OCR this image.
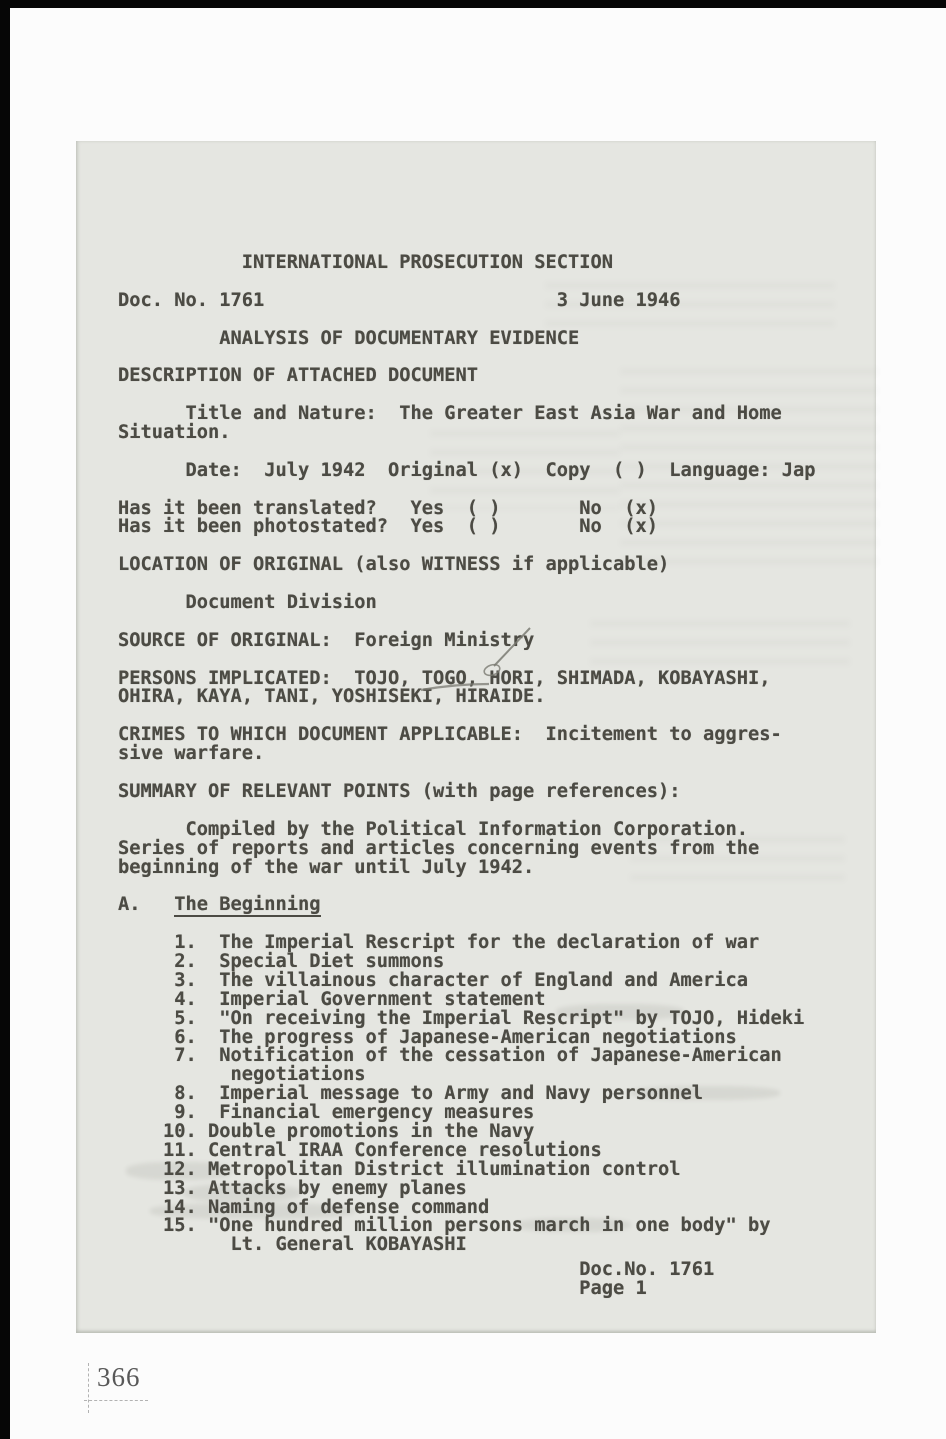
INTERNATIONAL PROSECUTION SECTION

Doc. No. 1761                          3 June 1946

ANALYSIS OF DOCUMENTARY EVIDENCE

DESCRIPTION OF ATTACHED DOCUMENT

Title and Nature:  The Greater East Asia War and Home
Situation.

Date:  July 1942  Original (x)  Copy  ( )  Language: Jap

Has it been translated?   Yes  ( )       No  (x)
Has it been photostated?  Yes  ( )       No  (x)

LOCATION OF ORIGINAL (also WITNESS if applicable)

Document Division

SOURCE OF ORIGINAL:  Foreign Ministry

PERSONS IMPLICATED:  TOJO, TOGO, HORI, SHIMADA, KOBAYASHI,
OHIRA, KAYA, TANI, YOSHISEKI, HIRAIDE.

CRIMES TO WHICH DOCUMENT APPLICABLE:  Incitement to aggres-
sive warfare.

SUMMARY OF RELEVANT POINTS (with page references):

Compiled by the Political Information Corporation.
Series of reports and articles concerning events from the
beginning of the war until July 1942.

A.   The Beginning

1.  The Imperial Rescript for the declaration of war
2.  Special Diet summons
3.  The villainous character of England and America
4.  Imperial Government statement
5.  "On receiving the Imperial Rescript" by TOJO, Hideki
6.  The progress of Japanese-American negotiations
7.  Notification of the cessation of Japanese-American
negotiations
8.  Imperial message to Army and Navy personnel
9.  Financial emergency measures
10. Double promotions in the Navy
11. Central IRAA Conference resolutions
12. Metropolitan District illumination control
13. Attacks by enemy planes
14. Naming of defense command
15. "One hundred million persons march in one body" by
Lt. General KOBAYASHI
Doc.No. 1761
Page 1
366
